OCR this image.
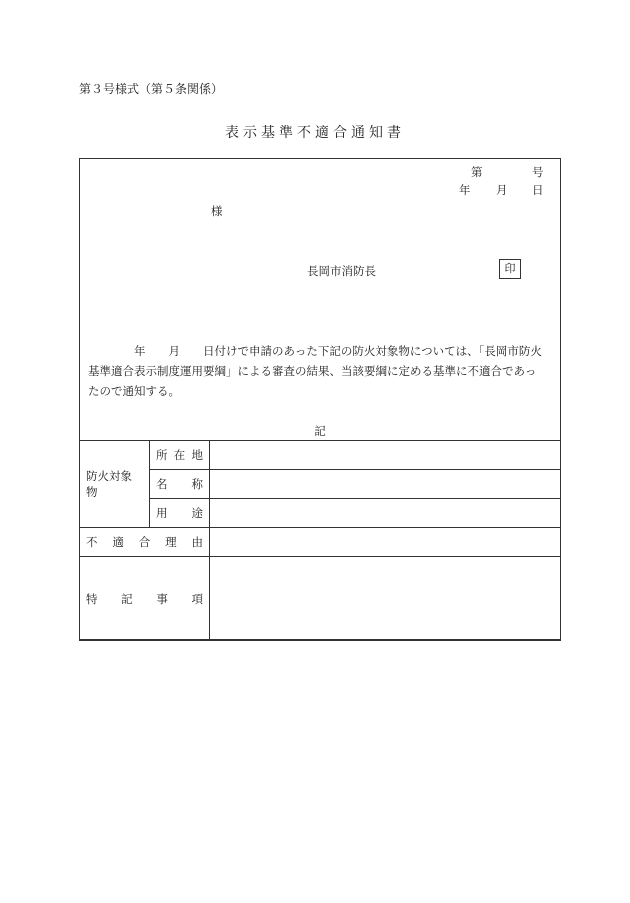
第３号様式（第５条関係）
表示基準不適合通知書
第	号
年 月 日
様
長岡市消防長	印
　　　　年　　月　　日付けで申請のあった下記の防火対象物については、「長岡市防火
基準適合表示制度運用要綱」による審査の結果、当該要綱に定める基準に不適合であっ
たので通知する。
記
防火対象物	所 在 地	

	名 称	

	用 途	

不 適 合 理 由		

特 記 事 項		
